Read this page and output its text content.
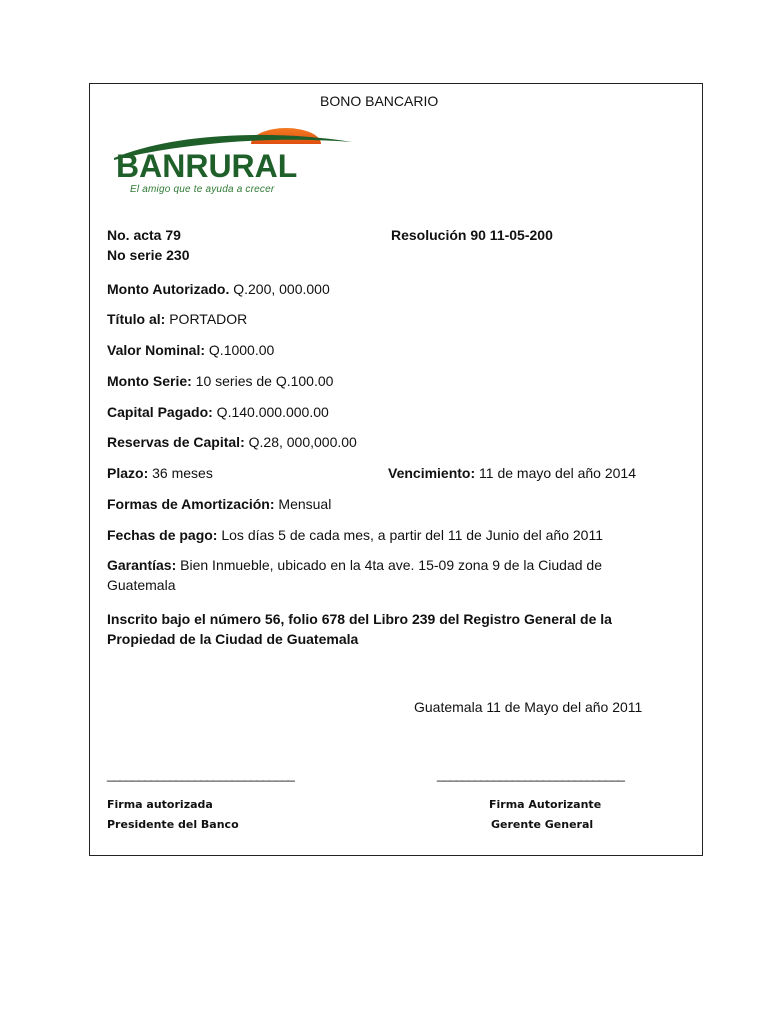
BONO BANCARIO
BANRURAL
El amigo que te ayuda a crecer
No. acta 79	Resolución 90 11-05-200
No serie 230
Monto Autorizado. Q.200, 000.000
Título al: PORTADOR
Valor Nominal: Q.1000.00
Monto Serie: 10 series de Q.100.00
Capital Pagado: Q.140.000.000.00
Reservas de Capital: Q.28, 000,000.00
Plazo: 36 meses	Vencimiento: 11 de mayo del año 2014
Formas de Amortización: Mensual
Fechas de pago: Los días 5 de cada mes, a partir del 11 de Junio del año 2011
Garantías: Bien Inmueble, ubicado en la 4ta ave. 15-09 zona 9 de la Ciudad de Guatemala
Inscrito bajo el número 56, folio 678 del Libro 239 del Registro General de la Propiedad de la Ciudad de Guatemala
Guatemala 11 de Mayo del año 2011
______________________________	______________________________
Firma autorizada
Presidente del Banco
Firma Autorizante
Gerente General
